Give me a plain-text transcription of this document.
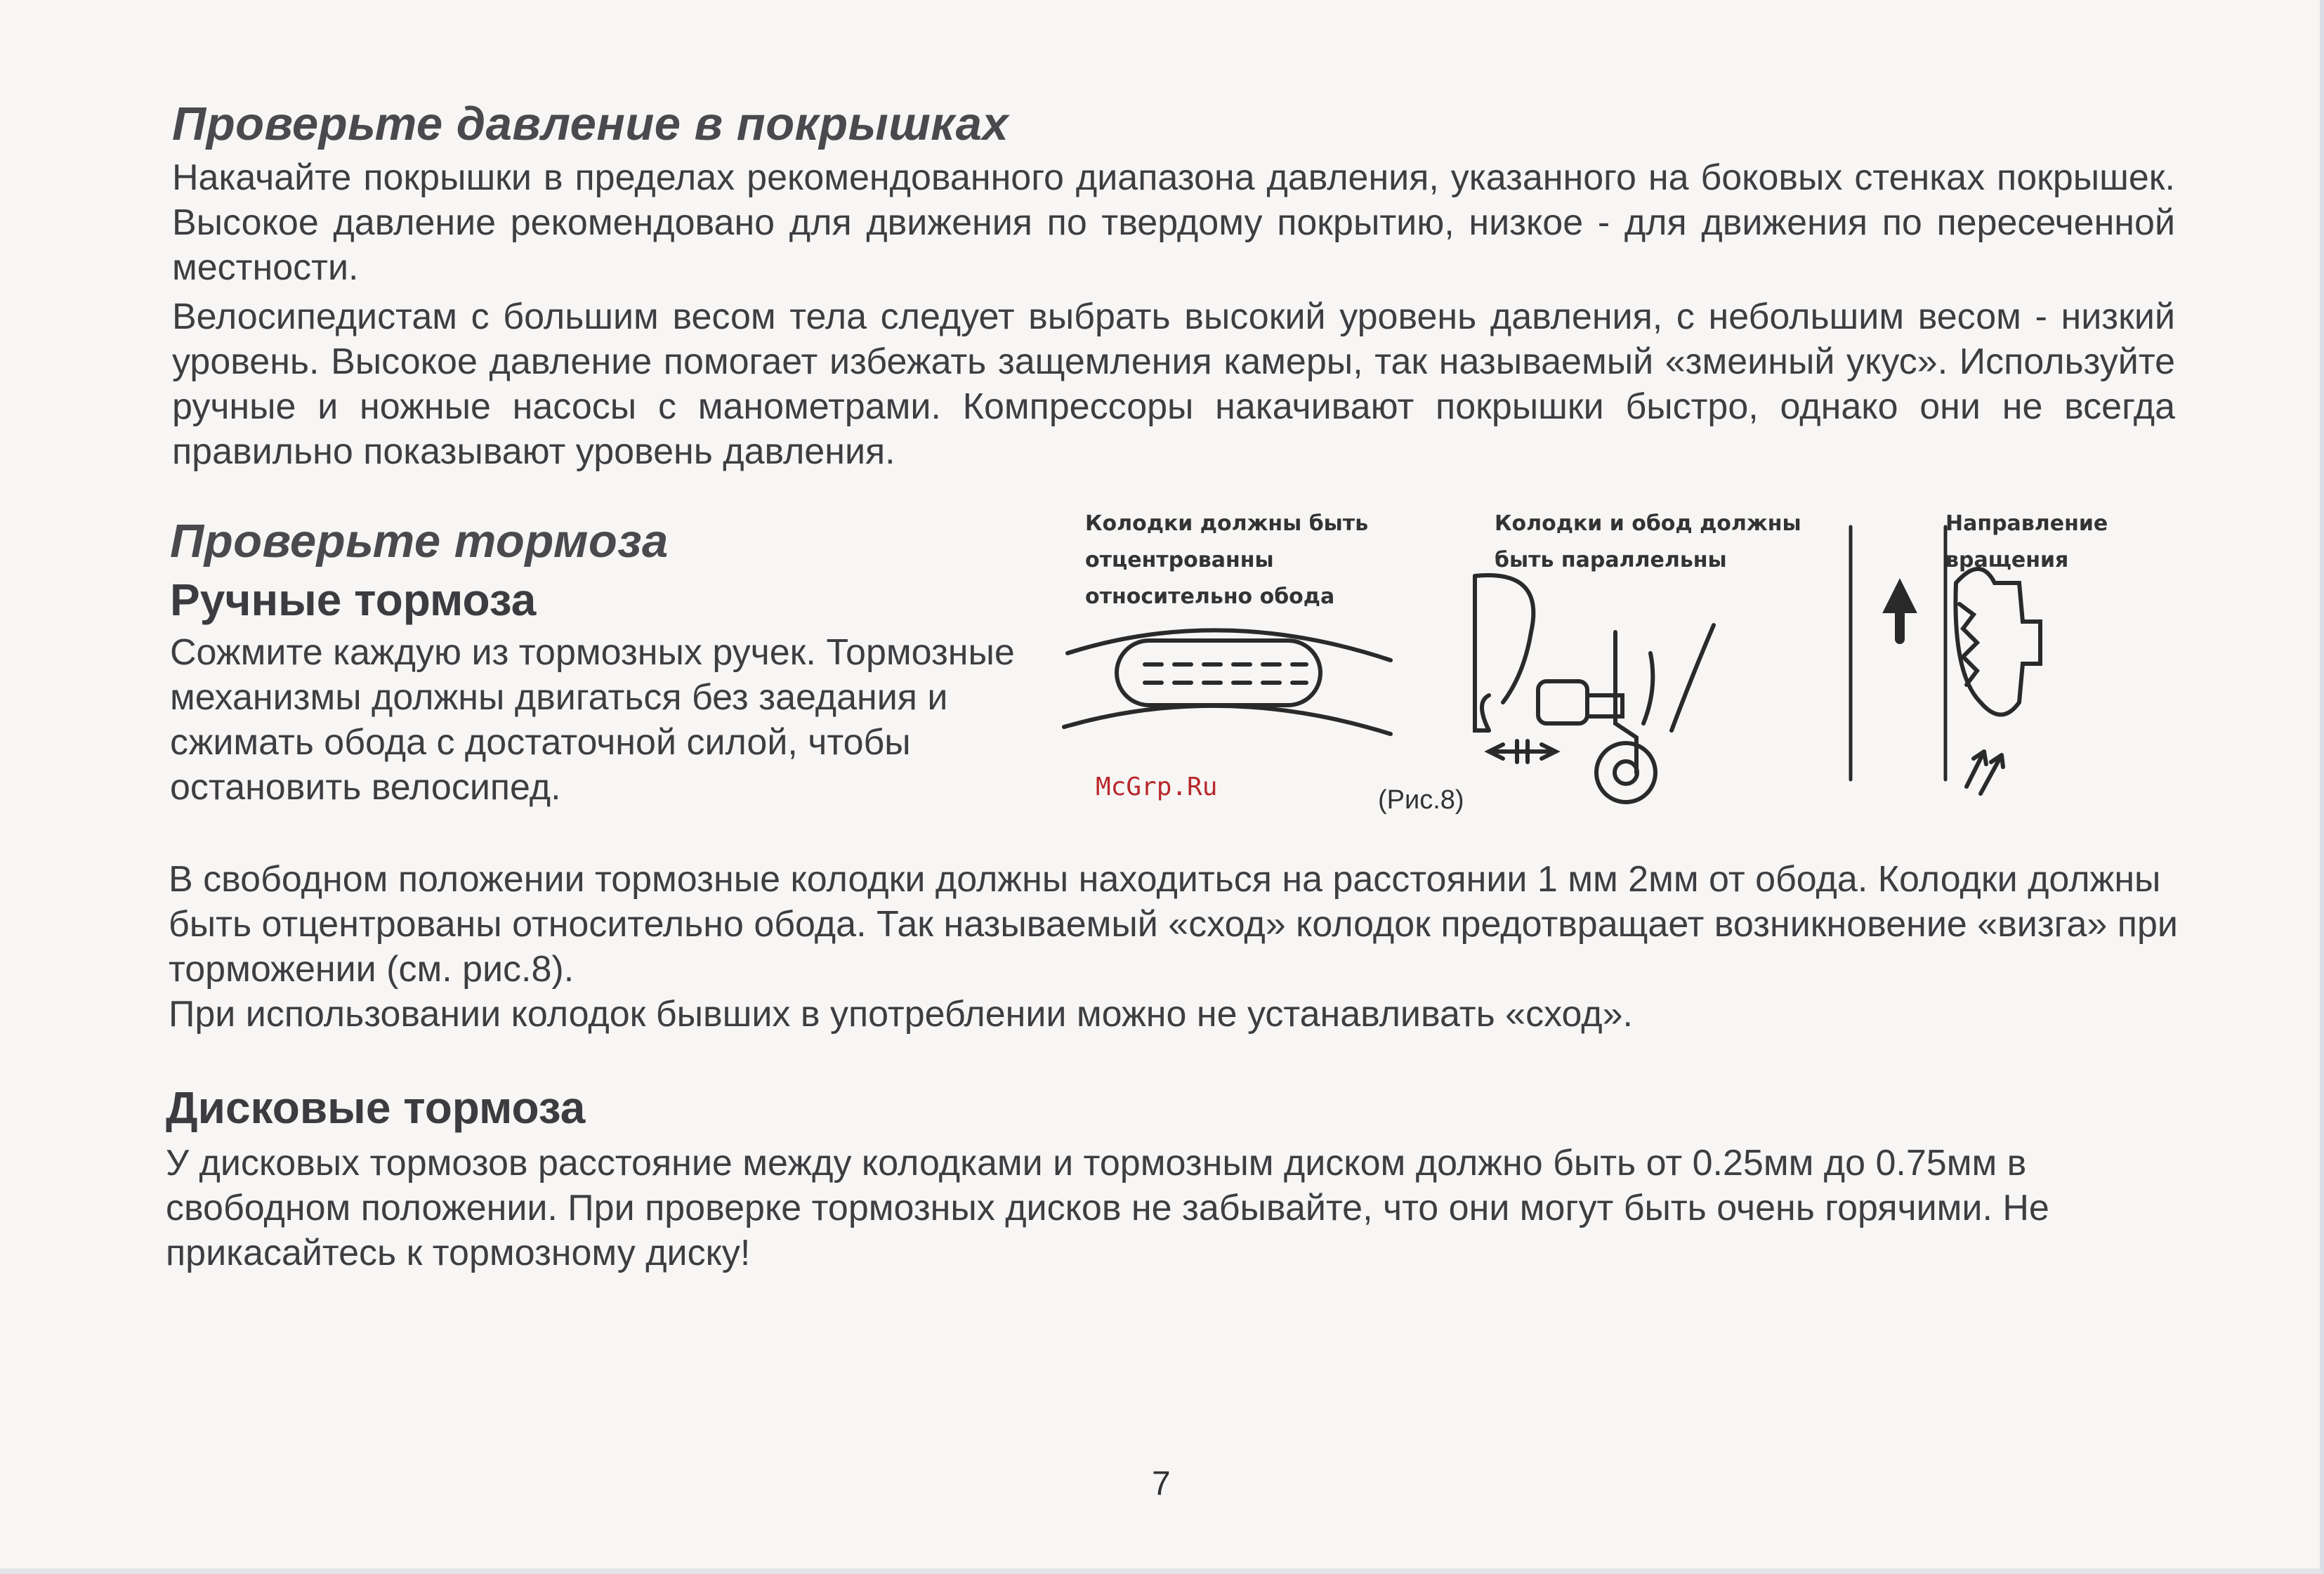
Проверьте давление в покрышках

Накачайте покрышки в пределах рекомендованного диапазона давления, указанного на боковых стенках покрышек. Высокое давление рекомендовано для движения по твердому покрытию, низкое - для движения по пересеченной местности.

Велосипедистам с большим весом тела следует выбрать высокий уровень давления, с небольшим весом - низкий уровень. Высокое давление помогает избежать защемления камеры, так называемый «змеиный укус». Используйте ручные и ножные насосы с манометрами. Компрессоры накачивают покрышки быстро, однако они не всегда правильно показывают уровень давления.

Проверьте тормоза
Ручные тормоза

Сожмите каждую из тормозных ручек. Тормозные механизмы должны двигаться без заедания и сжимать обода с достаточной силой, чтобы остановить велосипед.

Колодки должны быть
отцентрованны
относительно обода
Колодки и обод должны
быть параллельны
Направление
вращения
(Рис.8)
McGrp.Ru

В свободном положении тормозные колодки должны находиться на расстоянии 1 мм 2мм от обода. Колодки должны быть отцентрованы относительно обода. Так называемый «сход» колодок предотвращает возникновение «визга» при торможении (см. рис.8).

При использовании колодок бывших в употреблении можно не устанавливать «сход».

Дисковые тормоза

У дисковых тормозов расстояние между колодками и тормозным диском должно быть от 0.25мм до 0.75мм в свободном положении. При проверке тормозных дисков не забывайте, что они могут быть очень горячими. Не прикасайтесь к тормозному диску!

7
